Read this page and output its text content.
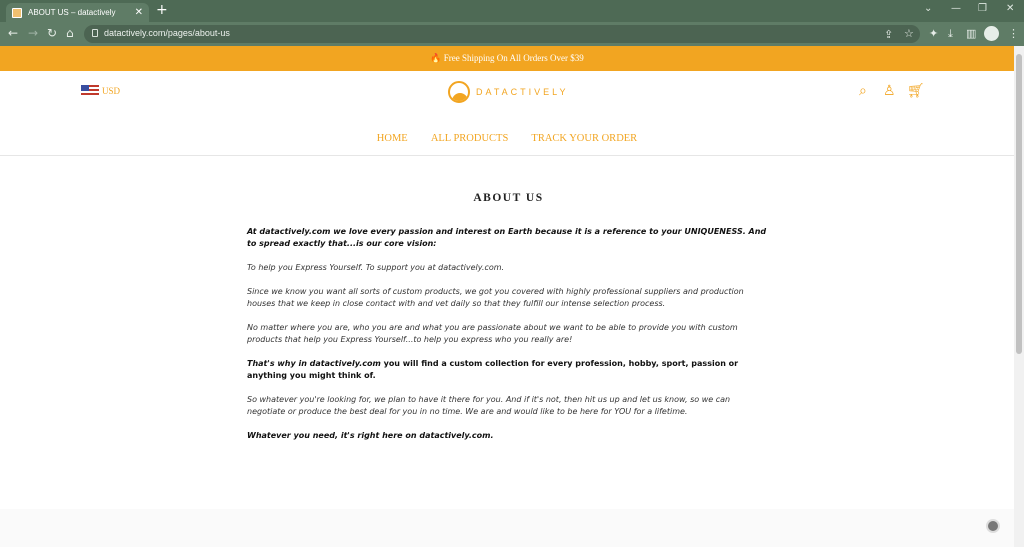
ABOUT US – datactively	✕ +	⌄ — ❐ ✕
← → ↻ ⌂	datactively.com/pages/about-us	⇪ ☆ ✦ ⤓ ▥	⋮
🔥 Free Shipping On All Orders Over $39
USD	DATACTIVELY	⌕ ♙ 🛒︎
HOME ALL PRODUCTS TRACK YOUR ORDER
ABOUT US

At datactively.com we love every passion and interest on Earth because it is a reference to your UNIQUENESS. And to spread exactly that...is our core vision:

To help you Express Yourself. To support you at datactively.com.

Since we know you want all sorts of custom products, we got you covered with highly professional suppliers and production houses that we keep in close contact with and vet daily so that they fulfill our intense selection process.

No matter where you are, who you are and what you are passionate about we want to be able to provide you with custom products that help you Express Yourself...to help you express who you really are!

That's why in datactively.com you will find a custom collection for every profession, hobby, sport, passion or anything you might think of.

So whatever you're looking for, we plan to have it there for you. And if it's not, then hit us up and let us know, so we can negotiate or produce the best deal for you in no time. We are and would like to be here for YOU for a lifetime.

Whatever you need, it's right here on datactively.com.
